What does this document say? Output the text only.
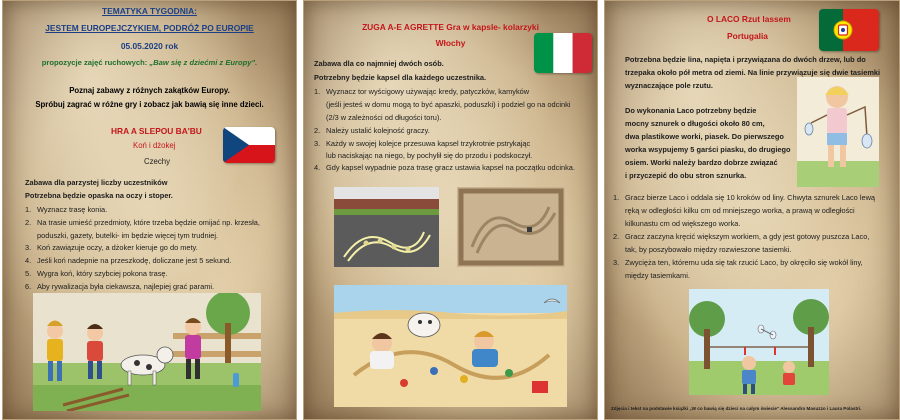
TEMATYKA TYGODNIA:
JESTEM EUROPEJCZYKIEM, PODRÓŻ PO EUROPIE
05.05.2020 rok
propozycje zajęć ruchowych: „Baw się z dziećmi z Europy".
Poznaj zabawy z różnych zakątków Europy.
Spróbuj zagrać w różne gry i zobacz jak bawią się inne dzieci.
HRA A SLEPOU BA'BU
Koń i dżokej
Czechy
Zabawa dla parzystej liczby uczestników
Potrzebna będzie opaska na oczy i stoper.
1. Wyznacz trasę konia.
2. Na trasie umieść przedmioty, które trzeba będzie omijać np. krzesła,
poduszki, gazety, butelki- im będzie więcej tym trudniej.
3. Koń zawiązuje oczy, a dżoker kieruje go do mety.
4. Jeśli koń nadepnie na przeszkodę, doliczane jest 5 sekund.
5. Wygra koń, który szybciej pokona trasę.
6. Aby rywalizacja była ciekawsza, najlepiej grać parami.
ZUGA A-E AGRETTE Gra w kapsle- kolarzyki
Włochy
Zabawa dla co najmniej dwóch osób.
Potrzebny będzie kapsel dla każdego uczestnika.
1. Wyznacz tor wyścigowy używając kredy, patyczków, kamyków
(jeśli jesteś w domu mogą to być apaszki, poduszki) i podziel go na odcinki
(2/3 w zależności od długości toru).
2. Należy ustalić kolejność graczy.
3. Każdy w swojej kolejce przesuwa kapsel trzykrotnie pstrykając
lub naciskając na niego, by pochylił się do przodu i podskoczył.
4. Gdy kapsel wypadnie poza trasę gracz ustawia kapsel na początku odcinka.
O LACO Rzut lassem
Portugalia
Potrzebna będzie lina, napięta i przywiązana do dwóch drzew, lub do
trzepaka około pół metra od ziemi. Na linie przywiązuje się dwie tasiemki
wyznaczające pole rzutu.
Do wykonania Laco potrzebny będzie
mocny sznurek o długości około 80 cm,
dwa plastikowe worki, piasek. Do pierwszego
worka wsypujemy 5 garści piasku, do drugiego
osiem. Worki należy bardzo dobrze związać
i przyczepić do obu stron sznurka.
1. Gracz bierze Laco i oddala się 10 kroków od liny. Chwyta sznurek Laco lewą
ręką w odległości kilku cm od mniejszego worka, a prawą w odległości
kilkunastu cm od większego worka.
2. Gracz zaczyna kręcić większym workiem, a gdy jest gotowy puszcza Laco,
tak, by poszybowało między rozwieszone tasiemki.
3. Zwycięża ten, któremu uda się tak rzucić Laco, by okręciło się wokół liny,
między tasiemkami.
Zdjęcia i tekst na podstawie książki „W co bawią się dzieci na całym świecie" Alessandro Masuzzo i Laura Polastri.
